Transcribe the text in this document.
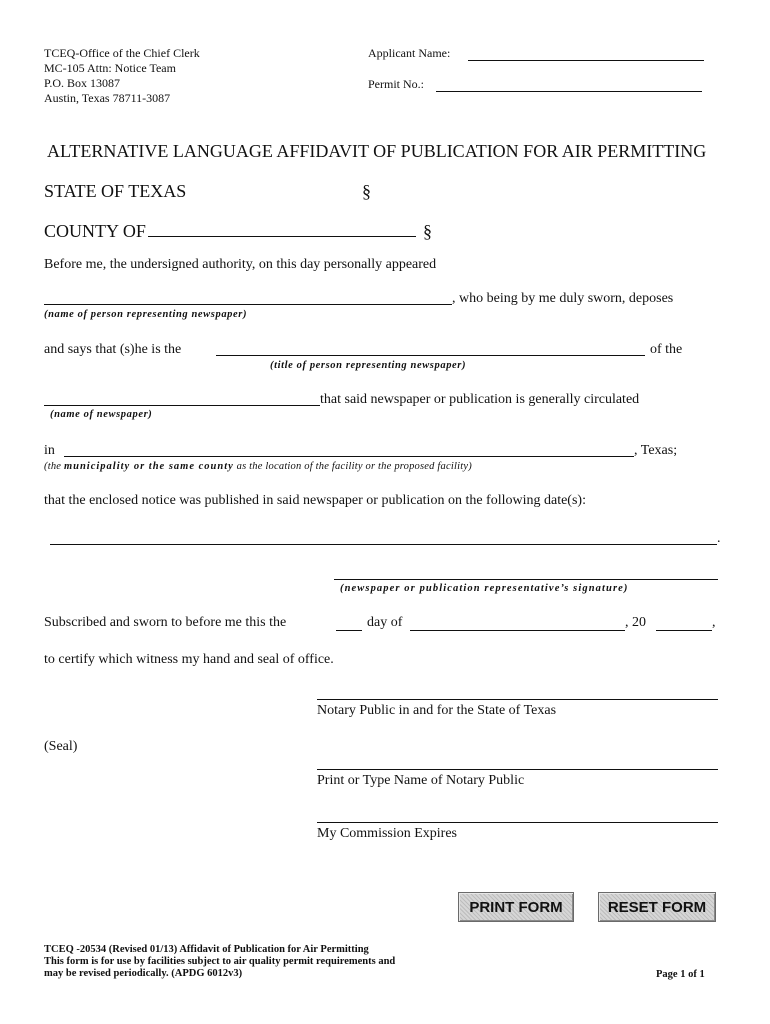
TCEQ-Office of the Chief Clerk
MC-105 Attn: Notice Team
P.O. Box 13087
Austin, Texas 78711-3087
Applicant Name:
Permit No.:
ALTERNATIVE LANGUAGE AFFIDAVIT OF PUBLICATION FOR AIR PERMITTING
STATE OF TEXAS	§
COUNTY OF	§
Before me, the undersigned authority, on this day personally appeared
, who being by me duly sworn, deposes
(name of person representing newspaper)
and says that (s)he is the	of the
(title of person representing newspaper)
that said newspaper or publication is generally circulated
(name of newspaper)
in	, Texas;
(the municipality or the same county as the location of the facility or the proposed facility)
that the enclosed notice was published in said newspaper or publication on the following date(s):
.
(newspaper or publication representative’s signature)
Subscribed and sworn to before me this the	day of	, 20	,
to certify which witness my hand and seal of office.
Notary Public in and for the State of Texas
(Seal)
Print or Type Name of Notary Public
My Commission Expires
PRINT FORM	RESET FORM
TCEQ -20534 (Revised 01/13) Affidavit of Publication for Air Permitting
This form is for use by facilities subject to air quality permit requirements and
may be revised periodically. (APDG 6012v3)	Page 1 of 1
